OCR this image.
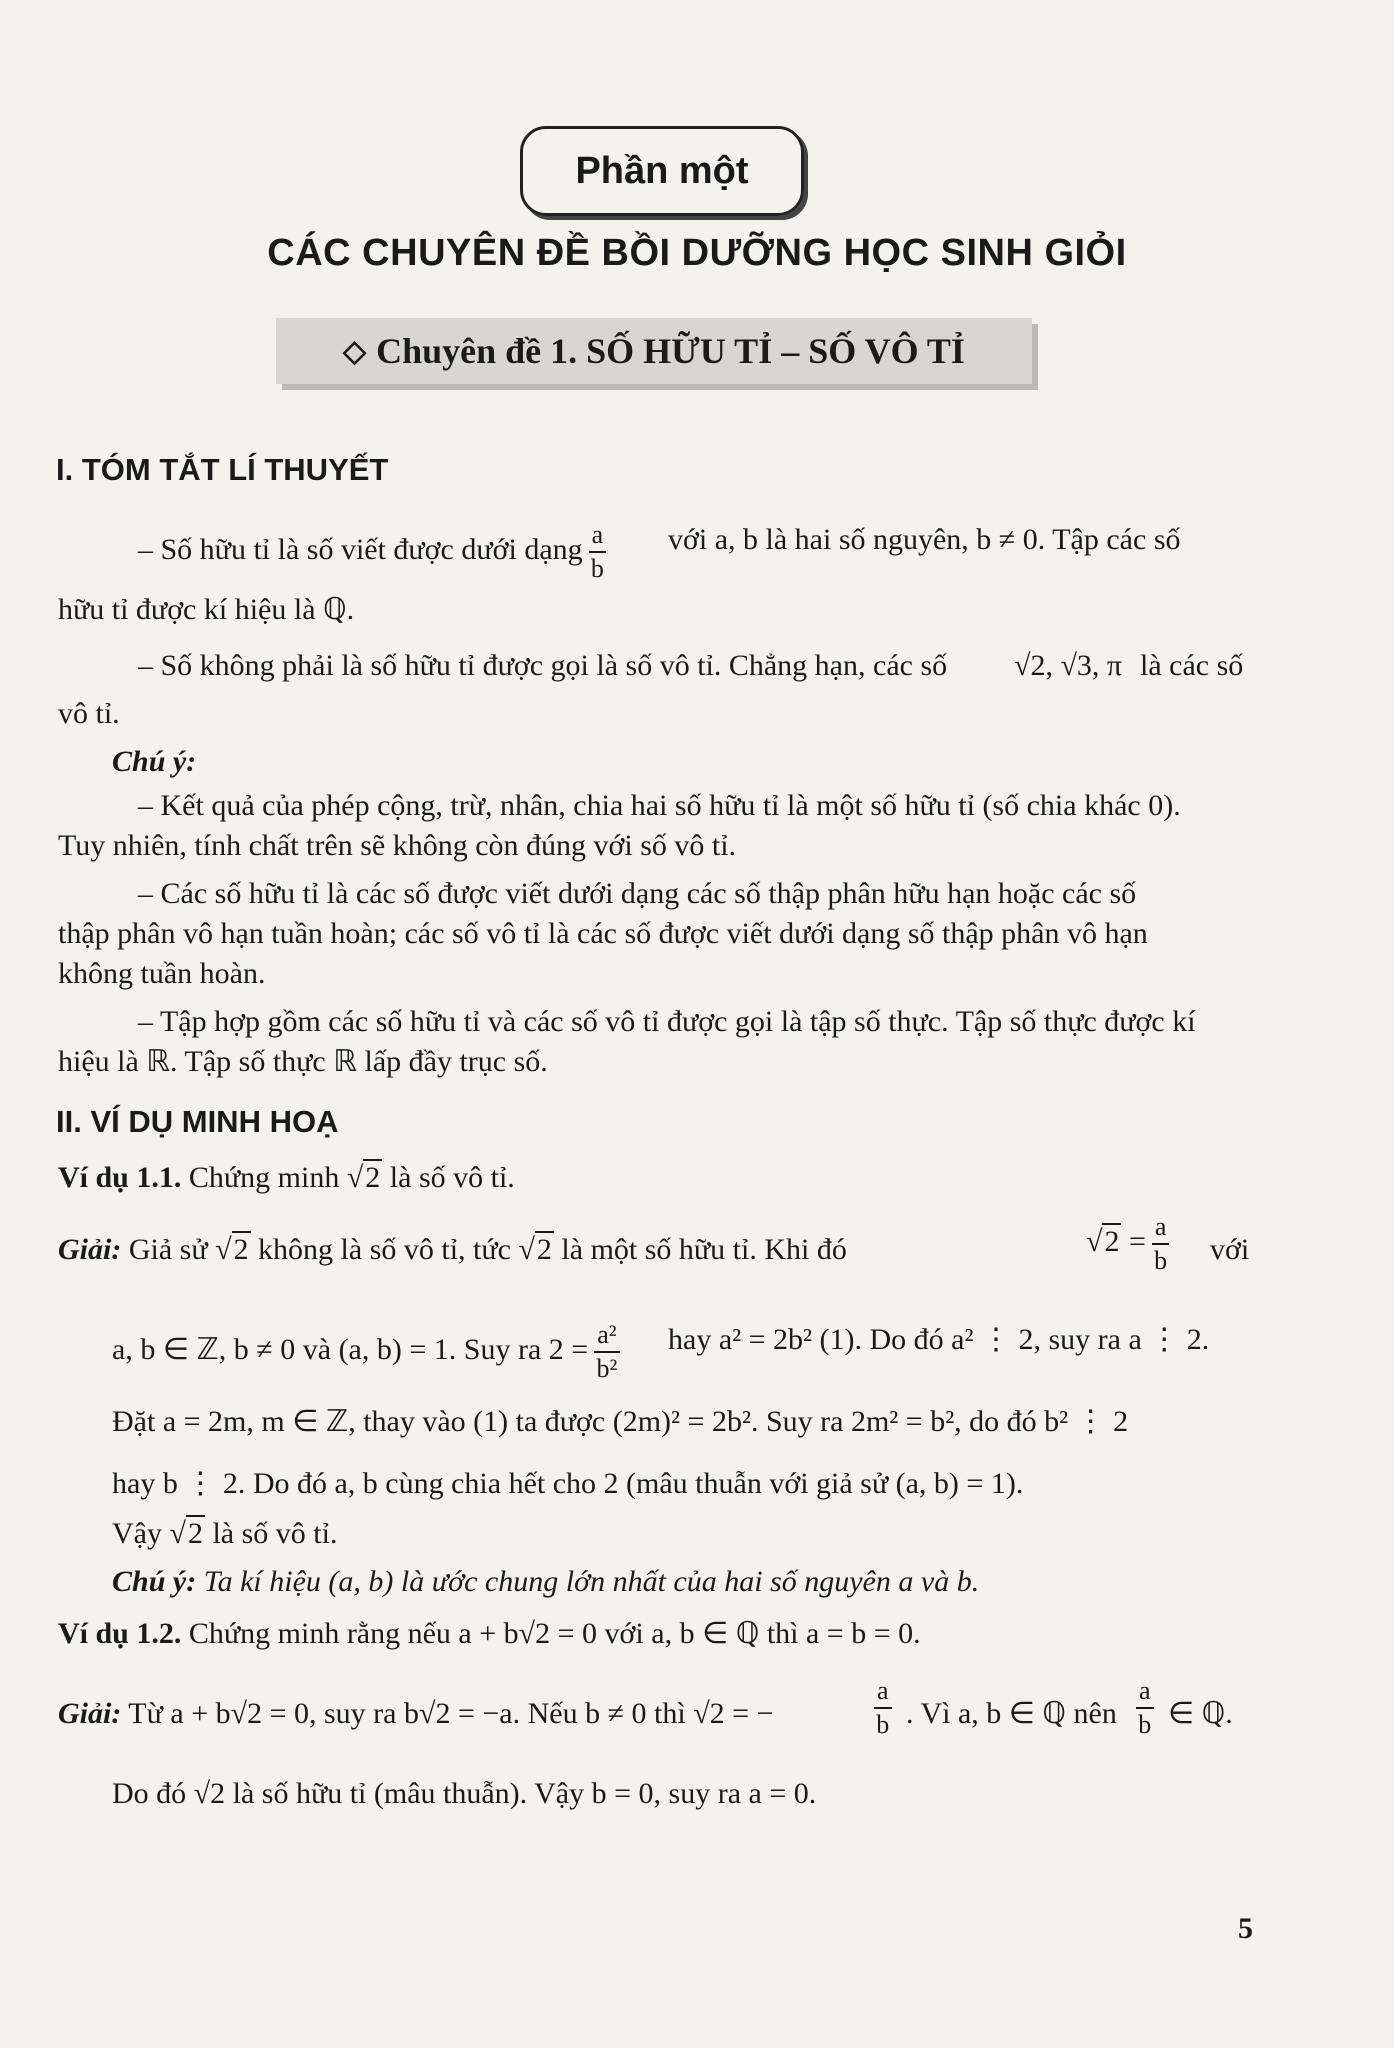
Phần một
CÁC CHUYÊN ĐỀ BỒI DƯỠNG HỌC SINH GIỎI
◇ Chuyên đề 1. SỐ HỮU TỈ – SỐ VÔ TỈ
I. TÓM TẮT LÍ THUYẾT
– Số hữu tỉ là số viết được dưới dạng $\frac{a}{b}$ với a, b là hai số nguyên, b ≠ 0. Tập các số
hữu tỉ được kí hiệu là ℚ.
– Số không phải là số hữu tỉ được gọi là số vô tỉ. Chẳng hạn, các số √2, √3, π là các số
vô tỉ.
Chú ý:
– Kết quả của phép cộng, trừ, nhân, chia hai số hữu tỉ là một số hữu tỉ (số chia khác 0).
Tuy nhiên, tính chất trên sẽ không còn đúng với số vô tỉ.
– Các số hữu tỉ là các số được viết dưới dạng các số thập phân hữu hạn hoặc các số
thập phân vô hạn tuần hoàn; các số vô tỉ là các số được viết dưới dạng số thập phân vô hạn
không tuần hoàn.
– Tập hợp gồm các số hữu tỉ và các số vô tỉ được gọi là tập số thực. Tập số thực được kí
hiệu là ℝ. Tập số thực ℝ lấp đầy trục số.
II. VÍ DỤ MINH HOẠ
Ví dụ 1.1. Chứng minh √2 là số vô tỉ.
Giải: Giả sử √2 không là số vô tỉ, tức √2 là một số hữu tỉ. Khi đó	$√2 = \frac{a}{b}$ với
a, b ∈ ℤ, b ≠ 0 và (a, b) = 1. Suy ra $2 = \frac{\text{a²}}{\text{b²}}$ hay a² = 2b² (1). Do đó a² ⋮ 2, suy ra a ⋮ 2.
Đặt a = 2m, m ∈ ℤ, thay vào (1) ta được (2m)² = 2b². Suy ra 2m² = b², do đó b² ⋮ 2
hay b ⋮ 2. Do đó a, b cùng chia hết cho 2 (mâu thuẫn với giả sử (a, b) = 1).
Vậy √2 là số vô tỉ.
Chú ý: Ta kí hiệu (a, b) là ước chung lớn nhất của hai số nguyên a và b.
Ví dụ 1.2. Chứng minh rằng nếu a + b√2 = 0 với a, b ∈ ℚ thì a = b = 0.
Giải: Từ a + b√2 = 0, suy ra b√2 = −a. Nếu b ≠ 0 thì √2 = −	$\frac{a}{b}$ . Vì a, b ∈ ℚ nên $\frac{a}{b}$ ∈ ℚ.
Do đó √2 là số hữu tỉ (mâu thuẫn). Vậy b = 0, suy ra a = 0.
5
